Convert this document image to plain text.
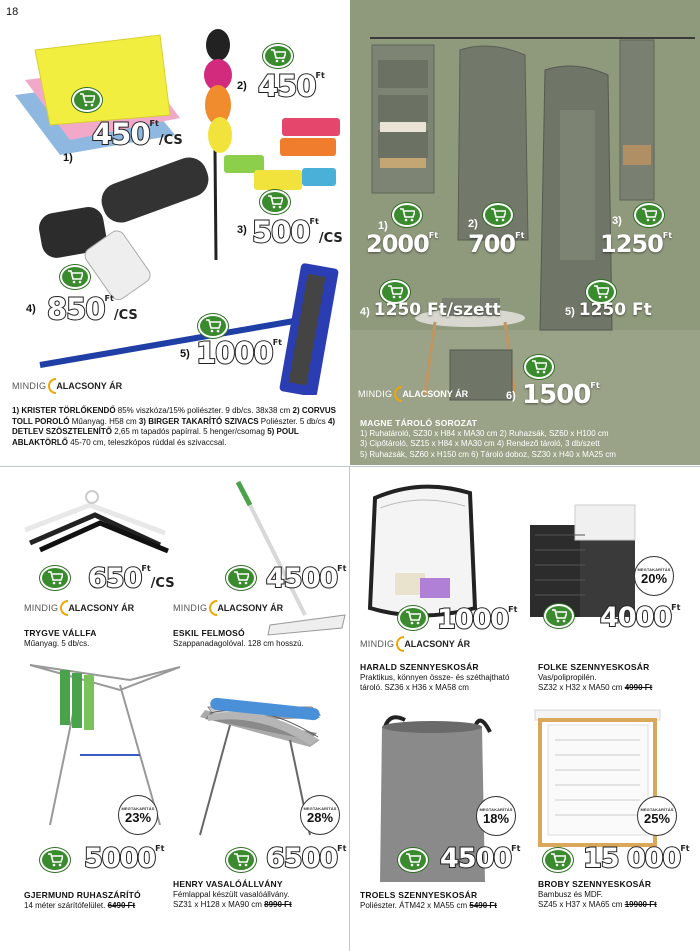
18
$450^{Ft}/CS$
1)
2) $450^{Ft}$
3) $500^{Ft}/CS$
4) $850^{Ft}/CS$
5) $1000^{Ft}$
MINDIG ALACSONY ÁR
1) KRISTER TÖRLŐKENDŐ 85% viszkóza/15% poliészter. 9 db/cs. 38x38 cm 2) CORVUS TOLL POROLÓ Műanyag. H58 cm 3) BIRGER TAKARÍTÓ SZIVACS Poliészter. 5 db/cs 4) DETLEV SZÖSZTELENÍTŐ 2,65 m tapadós papírral. 5 henger/csomag 5) POUL ABLAKTÖRLŐ 45-70 cm, teleszkópos rúddal és szivaccsal.
1)
$2000^{Ft}$
2)
$700^{Ft}$
3)
$1250^{Ft}$
4) 1250 Ft/szett	5) 1250 Ft
6) $1500^{Ft}$
MINDIG ALACSONY ÁR
MAGNE TÁROLÓ SOROZAT
1) Ruhatároló, SZ30 x H84 x MA30 cm 2) Ruhazsák, SZ60 x H100 cm
3) Cipőtároló, SZ15 x H84 x MA30 cm 4) Rendező tároló, 3 db/szett
5) Ruhazsák, SZ60 x H150 cm 6) Tároló doboz, SZ30 x H40 x MA25 cm
$650^{Ft}/CS$
MINDIG ALACSONY ÁR
TRYGVE VÁLLFA
Műanyag. 5 db/cs.
$4500^{Ft}$
MINDIG ALACSONY ÁR
ESKIL FELMOSÓ
Szappanadagolóval. 128 cm hosszú.
MEGTAKARÍTÁS
23%
MEGTAKARÍTÁS
28%
$5000^{Ft}$
GJERMUND RUHASZÁRÍTÓ
14 méter szárítófelület. 6490 Ft
$6500^{Ft}$
HENRY VASALÓÁLLVÁNY
Fémlappal készült vasalóállvány.
SZ31 x H128 x MA90 cm 8990 Ft
$1000^{Ft}$
MINDIG ALACSONY ÁR
HARALD SZENNYESKOSÁR
Praktikus, könnyen össze- és széthajtható
tároló. SZ36 x H36 x MA58 cm
MEGTAKARÍTÁS
20%
$4000^{Ft}$
FOLKE SZENNYESKOSÁR
Vas/polipropilén.
SZ32 x H32 x MA50 cm 4990 Ft
MEGTAKARÍTÁS
18%
$4500^{Ft}$
TROELS SZENNYESKOSÁR
Poliészter. ÁTM42 x MA55 cm 5490 Ft
MEGTAKARÍTÁS
25%
15 $000^{Ft}$
BROBY SZENNYESKOSÁR
Bambusz és MDF.
SZ45 x H37 x MA65 cm 19900 Ft
